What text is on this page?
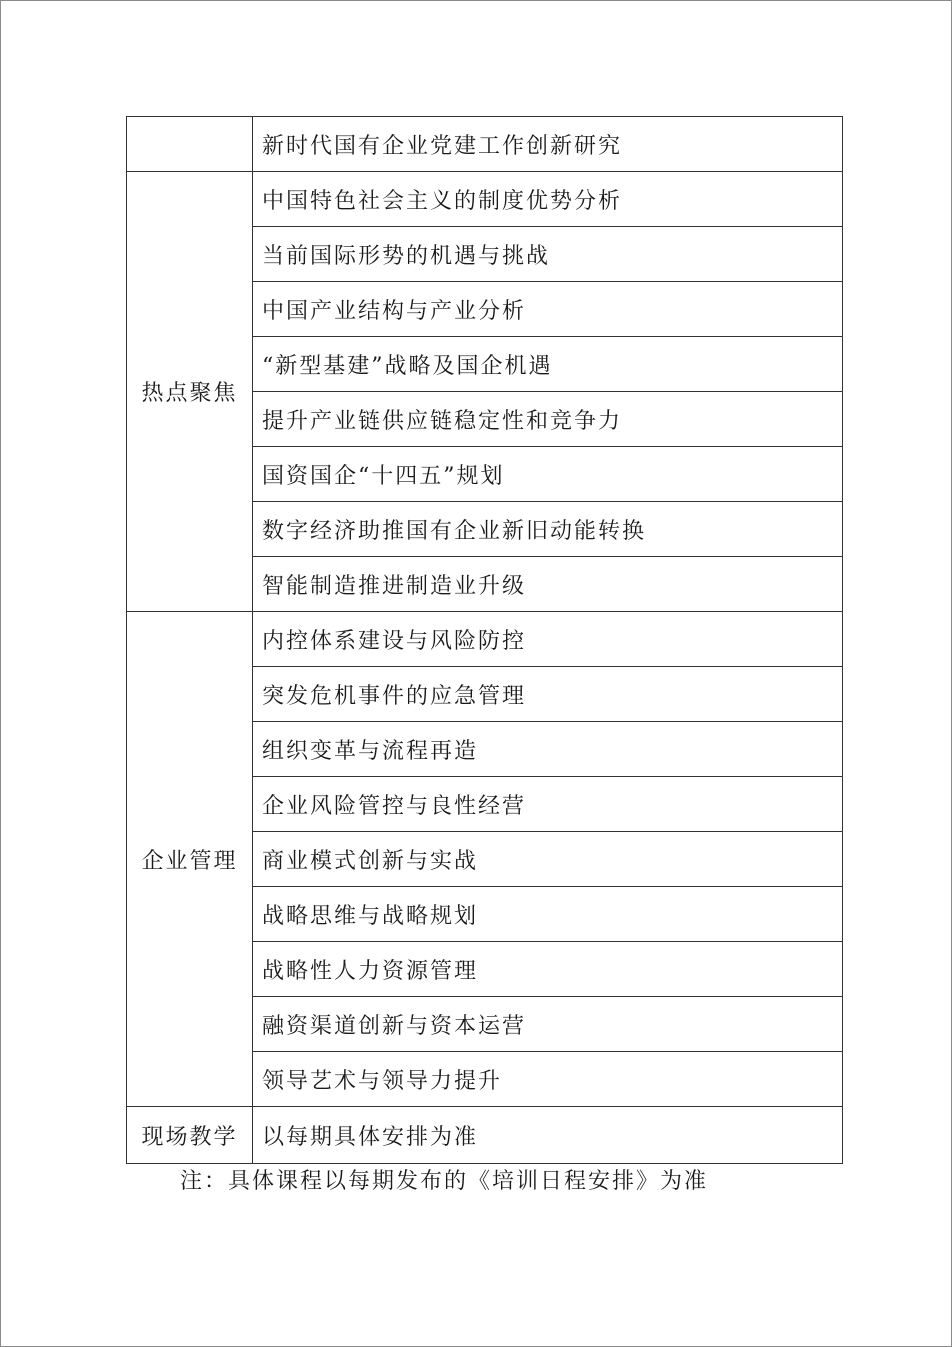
	新时代国有企业党建工作创新研究
热点聚焦	中国特色社会主义的制度优势分析
	当前国际形势的机遇与挑战
	中国产业结构与产业分析
	“新型基建”战略及国企机遇
	提升产业链供应链稳定性和竞争力
	国资国企“十四五”规划
	数字经济助推国有企业新旧动能转换
	智能制造推进制造业升级
企业管理	内控体系建设与风险防控
	突发危机事件的应急管理
	组织变革与流程再造
	企业风险管控与良性经营
	商业模式创新与实战
	战略思维与战略规划
	战略性人力资源管理
	融资渠道创新与资本运营
	领导艺术与领导力提升
现场教学	以每期具体安排为准
注：具体课程以每期发布的《培训日程安排》为准
